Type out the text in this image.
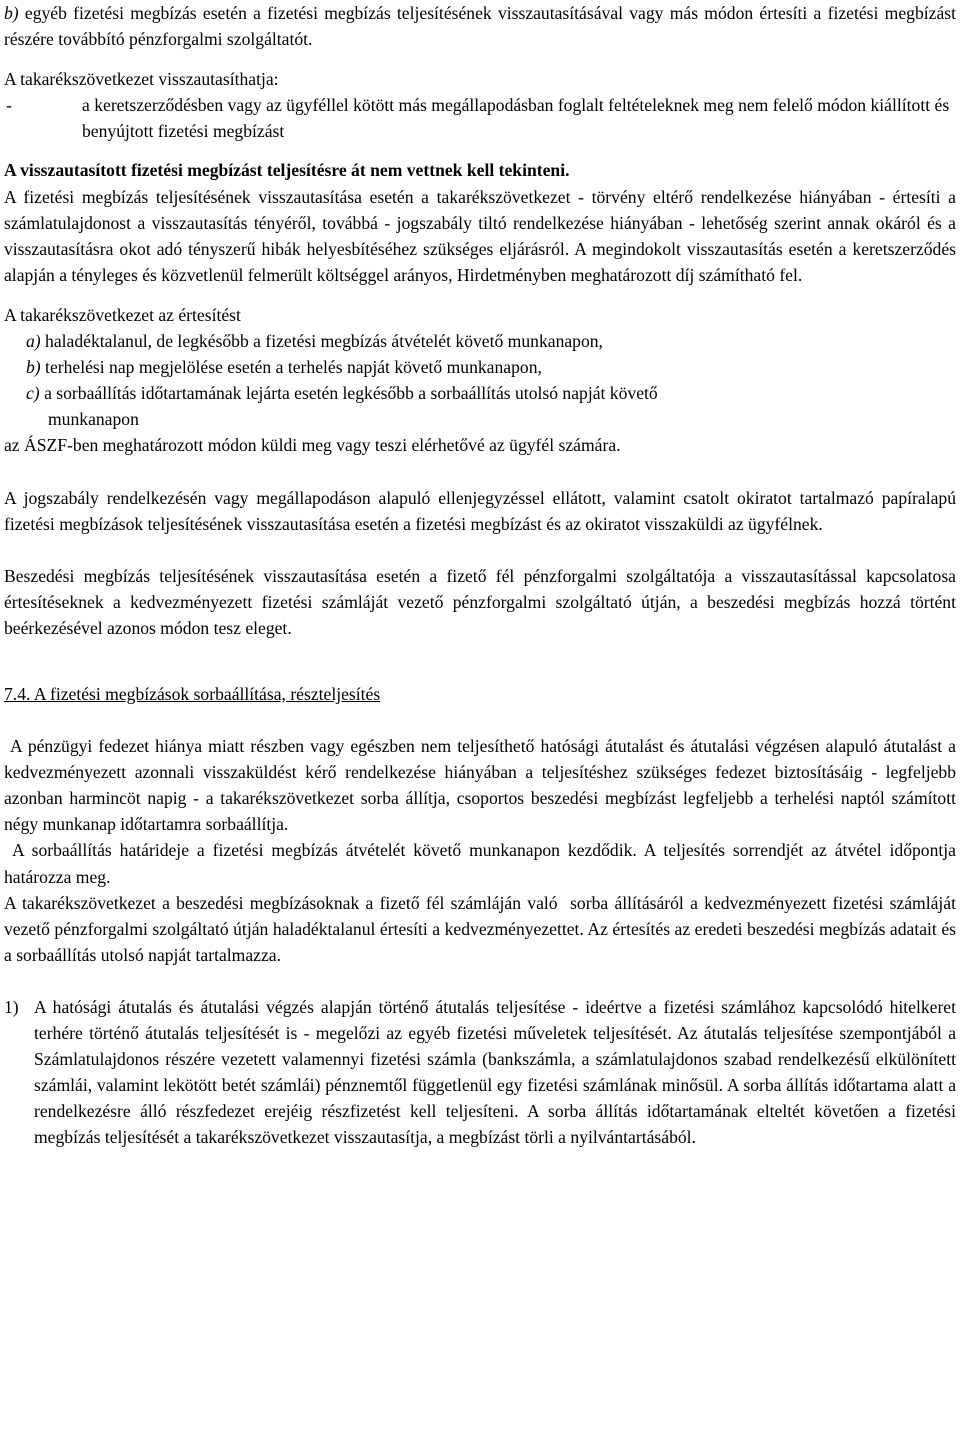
b) egyéb fizetési megbízás esetén a fizetési megbízás teljesítésének visszautasításával vagy más módon értesíti a fizetési megbízást részére továbbító pénzforgalmi szolgáltatót.

A takarékszövetkezet visszautasíthatja:

-	a keretszerződésben vagy az ügyféllel kötött más megállapodásban foglalt feltételeknek meg nem felelő módon kiállított és benyújtott fizetési megbízást

A visszautasított fizetési megbízást teljesítésre át nem vettnek kell tekinteni.

A fizetési megbízás teljesítésének visszautasítása esetén a takarékszövetkezet - törvény eltérő rendelkezése hiányában - értesíti a számlatulajdonost a visszautasítás tényéről, továbbá - jogszabály tiltó rendelkezése hiányában - lehetőség szerint annak okáról és a visszautasításra okot adó tényszerű hibák helyesbítéséhez szükséges eljárásról. A megindokolt visszautasítás esetén a keretszerződés alapján a tényleges és közvetlenül felmerült költséggel arányos, Hirdetményben meghatározott díj számítható fel.

A takarékszövetkezet az értesítést

a) haladéktalanul, de legkésőbb a fizetési megbízás átvételét követő munkanapon,

b) terhelési nap megjelölése esetén a terhelés napját követő munkanapon,

c) a sorbaállítás időtartamának lejárta esetén legkésőbb a sorbaállítás utolsó napját követő

munkanapon

az ÁSZF-ben meghatározott módon küldi meg vagy teszi elérhetővé az ügyfél számára.

A jogszabály rendelkezésén vagy megállapodáson alapuló ellenjegyzéssel ellátott, valamint csatolt okiratot tartalmazó papíralapú fizetési megbízások teljesítésének visszautasítása esetén a fizetési megbízást és az okiratot visszaküldi az ügyfélnek.

Beszedési megbízás teljesítésének visszautasítása esetén a fizető fél pénzforgalmi szolgáltatója a visszautasítással kapcsolatosa értesítéseknek a kedvezményezett fizetési számláját vezető pénzforgalmi szolgáltató útján, a beszedési megbízás hozzá történt beérkezésével azonos módon tesz eleget.

7.4. A fizetési megbízások sorbaállítása, részteljesítés

A pénzügyi fedezet hiánya miatt részben vagy egészben nem teljesíthető hatósági átutalást és átutalási végzésen alapuló átutalást a kedvezményezett azonnali visszaküldést kérő rendelkezése hiányában a teljesítéshez szükséges fedezet biztosításáig - legfeljebb azonban harmincöt napig - a takarékszövetkezet sorba állítja, csoportos beszedési megbízást legfeljebb a terhelési naptól számított négy munkanap időtartamra sorbaállítja.

A sorbaállítás határideje a fizetési megbízás átvételét követő munkanapon kezdődik. A teljesítés sorrendjét az átvétel időpontja határozza meg.

A takarékszövetkezet a beszedési megbízásoknak a fizető fél számláján való  sorba állításáról a kedvezményezett fizetési számláját vezető pénzforgalmi szolgáltató útján haladéktalanul értesíti a kedvezményezettet. Az értesítés az eredeti beszedési megbízás adatait és a sorbaállítás utolsó napját tartalmazza.

1) A hatósági átutalás és átutalási végzés alapján történő átutalás teljesítése - ideértve a fizetési számlához kapcsolódó hitelkeret terhére történő átutalás teljesítését is - megelőzi az egyéb fizetési műveletek teljesítését. Az átutalás teljesítése szempontjából a Számlatulajdonos részére vezetett valamennyi fizetési számla (bankszámla, a számlatulajdonos szabad rendelkezésű elkülönített számlái, valamint lekötött betét számlái) pénznemtől függetlenül egy fizetési számlának minősül. A sorba állítás időtartama alatt a rendelkezésre álló részfedezet erejéig részfizetést kell teljesíteni. A sorba állítás időtartamának elteltét követően a fizetési megbízás teljesítését a takarékszövetkezet visszautasítja, a megbízást törli a nyilvántartásából.
